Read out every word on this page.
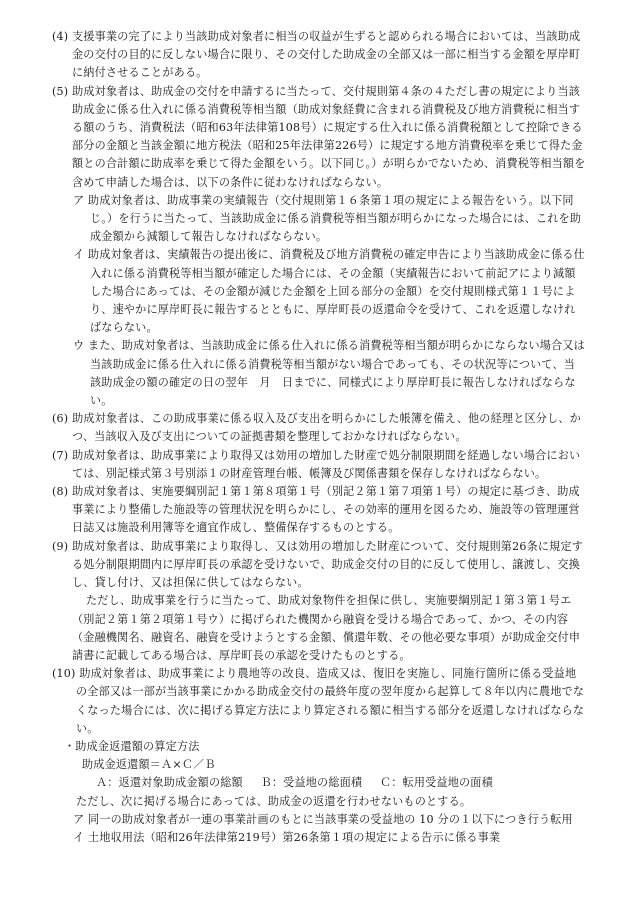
(4) 支援事業の完了により当該助成対象者に相当の収益が生ずると認められる場合においては、当該助成金の交付の目的に反しない場合に限り、その交付した助成金の全部又は一部に相当する金額を厚岸町に納付させることがある。

(5) 助成対象者は、助成金の交付を申請するに当たって、交付規則第４条の４ただし書の規定により当該助成金に係る仕入れに係る消費税等相当額（助成対象経費に含まれる消費税及び地方消費税に相当する額のうち、消費税法（昭和63年法律第108号）に規定する仕入れに係る消費税額として控除できる部分の金額と当該金額に地方税法（昭和25年法律第226号）に規定する地方消費税率を乗じて得た金額との合計額に助成率を乗じて得た金額をいう。以下同じ。）が明らかでないため、消費税等相当額を含めて申請した場合は、以下の条件に従わなければならない。

ア 助成対象者は、助成事業の実績報告（交付規則第１６条第１項の規定による報告をいう。以下同じ。）を行うに当たって、当該助成金に係る消費税等相当額が明らかになった場合には、これを助成金額から減額して報告しなければならない。

イ 助成対象者は、実績報告の提出後に、消費税及び地方消費税の確定申告により当該助成金に係る仕入れに係る消費税等相当額が確定した場合には、その金額（実績報告において前記アにより減額した場合にあっては、その金額が減じた金額を上回る部分の金額）を交付規則様式第１１号により、速やかに厚岸町長に報告するとともに、厚岸町長の返還命令を受けて、これを返還しなければならない。

ウ また、助成対象者は、当該助成金に係る仕入れに係る消費税等相当額が明らかにならない場合又は当該助成金に係る仕入れに係る消費税等相当額がない場合であっても、その状況等について、当該助成金の額の確定の日の翌年　月　日までに、同様式により厚岸町長に報告しなければならない。

(6) 助成対象者は、この助成事業に係る収入及び支出を明らかにした帳簿を備え、他の経理と区分し、かつ、当該収入及び支出についての証拠書類を整理しておかなければならない。

(7) 助成対象者は、助成事業により取得又は効用の増加した財産で処分制限期間を経過しない場合においては、別記様式第３号別添１の財産管理台帳、帳簿及び関係書類を保存しなければならない。

(8) 助成対象者は、実施要綱別記１第１第８項第１号（別記２第１第７項第１号）の規定に基づき、助成事業により整備した施設等の管理状況を明らかにし、その効率的運用を図るため、施設等の管理運営日誌又は施設利用簿等を適宜作成し、整備保存するものとする。

(9) 助成対象者は、助成事業により取得し、又は効用の増加した財産について、交付規則第26条に規定する処分制限期間内に厚岸町長の承認を受けないで、助成金交付の目的に反して使用し、譲渡し、交換し、貸し付け、又は担保に供してはならない。

ただし、助成事業を行うに当たって、助成対象物件を担保に供し、実施要綱別記１第３第１号エ（別記２第１第２項第１号ウ）に掲げられた機関から融資を受ける場合であって、かつ、その内容（金融機関名、融資名、融資を受けようとする金額、償還年数、その他必要な事項）が助成金交付申請書に記載してある場合は、厚岸町長の承認を受けたものとする。

(10) 助成対象者は、助成事業により農地等の改良、造成又は、復旧を実施し、同施行箇所に係る受益地の全部又は一部が当該事業にかかる助成金交付の最終年度の翌年度から起算して８年以内に農地でなくなった場合には、次に掲げる算定方法により算定される額に相当する部分を返還しなければならない。

・助成金返還額の算定方法

助成金返還額＝Ａ×Ｃ／Ｂ

Ａ：返還対象助成金額の総額 Ｂ：受益地の総面積 Ｃ：転用受益地の面積

ただし、次に掲げる場合にあっては、助成金の返還を行わせないものとする。

ア 同一の助成対象者が一連の事業計画のもとに当該事業の受益地の 10 分の１以下につき行う転用

イ 土地収用法（昭和26年法律第219号）第26条第１項の規定による告示に係る事業
